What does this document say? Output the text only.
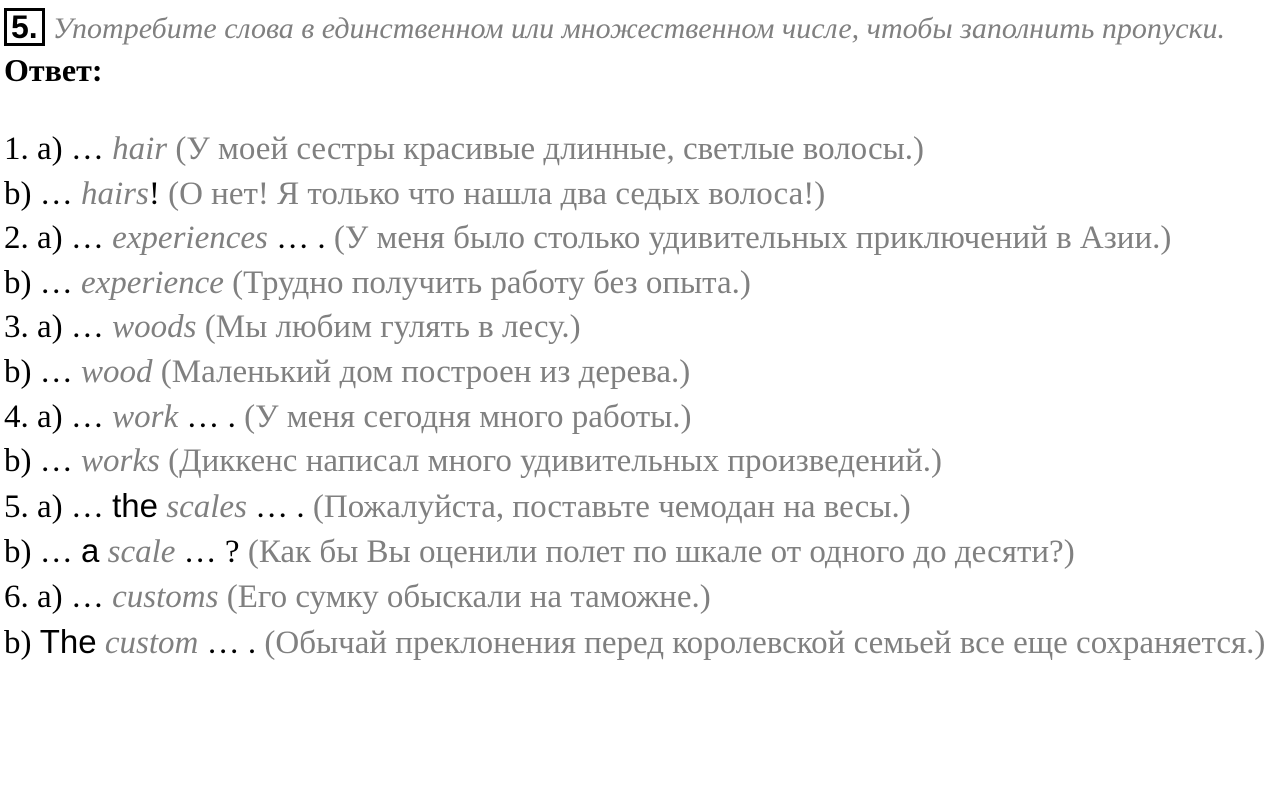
5. Употребите слова в единственном или множественном числе, чтобы заполнить пропуски.
Ответ:
1. a) … hair (У моей сестры красивые длинные, светлые волосы.)
b) … hairs! (О нет! Я только что нашла два седых волоса!)
2. a) … experiences … . (У меня было столько удивительных приключений в Азии.)
b) … experience (Трудно получить работу без опыта.)
3. a) … woods (Мы любим гулять в лесу.)
b) … wood (Маленький дом построен из дерева.)
4. a) … work … . (У меня сегодня много работы.)
b) … works (Диккенс написал много удивительных произведений.)
5. a) … the scales … . (Пожалуйста, поставьте чемодан на весы.)
b) … a scale … ? (Как бы Вы оценили полет по шкале от одного до десяти?)
6. a) … customs (Его сумку обыскали на таможне.)
b) The custom … . (Обычай преклонения перед королевской семьей все еще сохраняется.)
